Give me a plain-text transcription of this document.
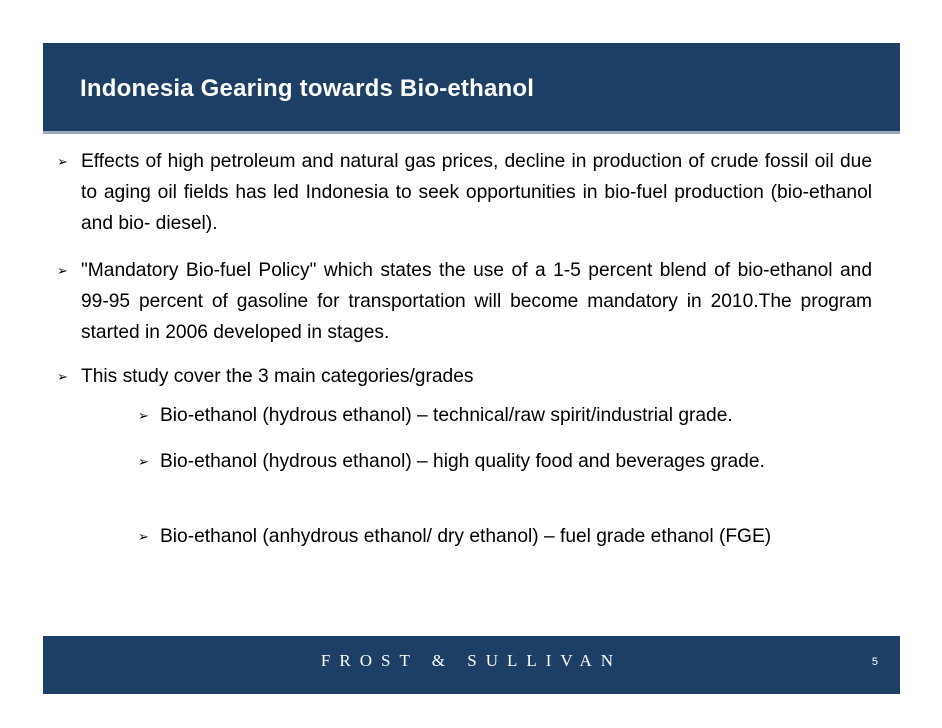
Indonesia Gearing towards Bio-ethanol
➢ Effects of high petroleum and natural gas prices, decline in production of crude fossil oil due to aging oil fields has led Indonesia to seek opportunities in bio-fuel production (bio-ethanol and bio- diesel).
➢ "Mandatory Bio-fuel Policy" which states the use of a 1-5 percent blend of bio-ethanol and 99-95 percent of gasoline for transportation will become mandatory in 2010.The program started in 2006 developed in stages.
➢ This study cover the 3 main categories/grades
➢ Bio-ethanol (hydrous ethanol) – technical/raw spirit/industrial grade.
➢ Bio-ethanol (hydrous ethanol) – high quality food and beverages grade.
➢ Bio-ethanol (anhydrous ethanol/ dry ethanol) – fuel grade ethanol (FGE)
FROST & SULLIVAN	5
